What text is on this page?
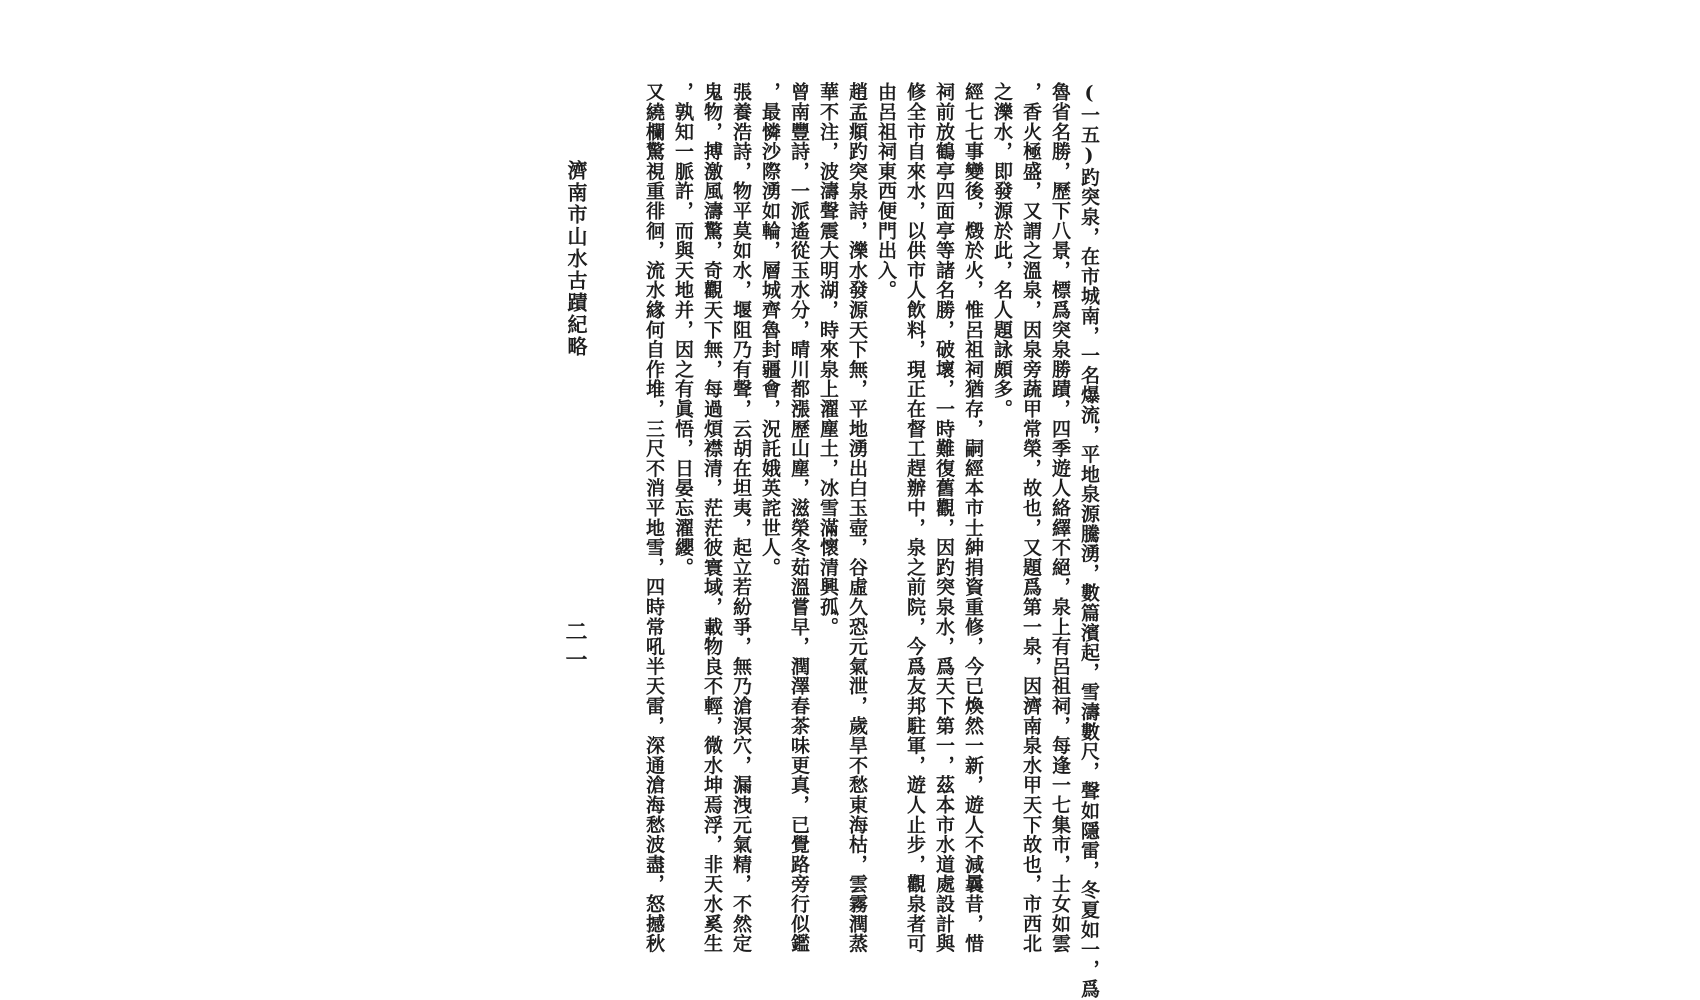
(一五)趵突泉，在市城南，一名爆流，平地泉源騰湧，數篇濱起，雪濤數尺，聲如隱雷，冬夏如一，爲
魯省名勝，歷下八景，標爲突泉勝蹟，四季遊人絡繹不絕，泉上有呂祖祠，每逢一七集市，士女如雲
，香火極盛，又謂之溫泉，因泉旁蔬甲常榮，故也，又題爲第一泉，因濟南泉水甲天下故也，市西北
之濼水，即發源於此，名人題詠頗多。
經七七事變後，燬於火，惟呂祖祠猶存，嗣經本市士紳捐資重修，今已煥然一新，遊人不減曩昔，惜
祠前放鶴亭四面亭等諸名勝，破壞，一時難復舊觀，因趵突泉水，爲天下第一，茲本市水道處設計與
修全市自來水，以供市人飲料，現正在督工趕辦中，泉之前院，今爲友邦駐軍，遊人止步，觀泉者可
由呂祖祠東西便門出入。
趙孟頫趵突泉詩，濼水發源天下無，平地湧出白玉壺，谷虛久恐元氣泄，歲旱不愁東海枯，雲霧潤蒸
華不注，波濤聲震大明湖，時來泉上濯塵土，冰雪滿懷清興孤。
曾南豐詩，一派遙從玉水分，晴川都漲歷山塵，滋榮冬茹溫嘗早，潤澤春茶味更真，已覺路旁行似鑑
，最憐沙際湧如輪，層城齊魯封疆會，況託娥英詫世人。
張養浩詩，物平莫如水，堰阻乃有聲，云胡在坦夷，起立若紛爭，無乃滄溟穴，漏洩元氣精，不然定
鬼物，搏激風濤驚，奇觀天下無，每過煩襟清，茫茫彼寰域，載物良不輕，微水坤焉浮，非天水奚生
，孰知一脈許，而與天地并，因之有眞悟，日晏忘濯纓。
又繞欄驚視重徘徊，流水緣何自作堆，三尺不消平地雪，四時常吼半天雷，深通滄海愁波盡，怒撼秋
濟南市山水古蹟紀略
二一
